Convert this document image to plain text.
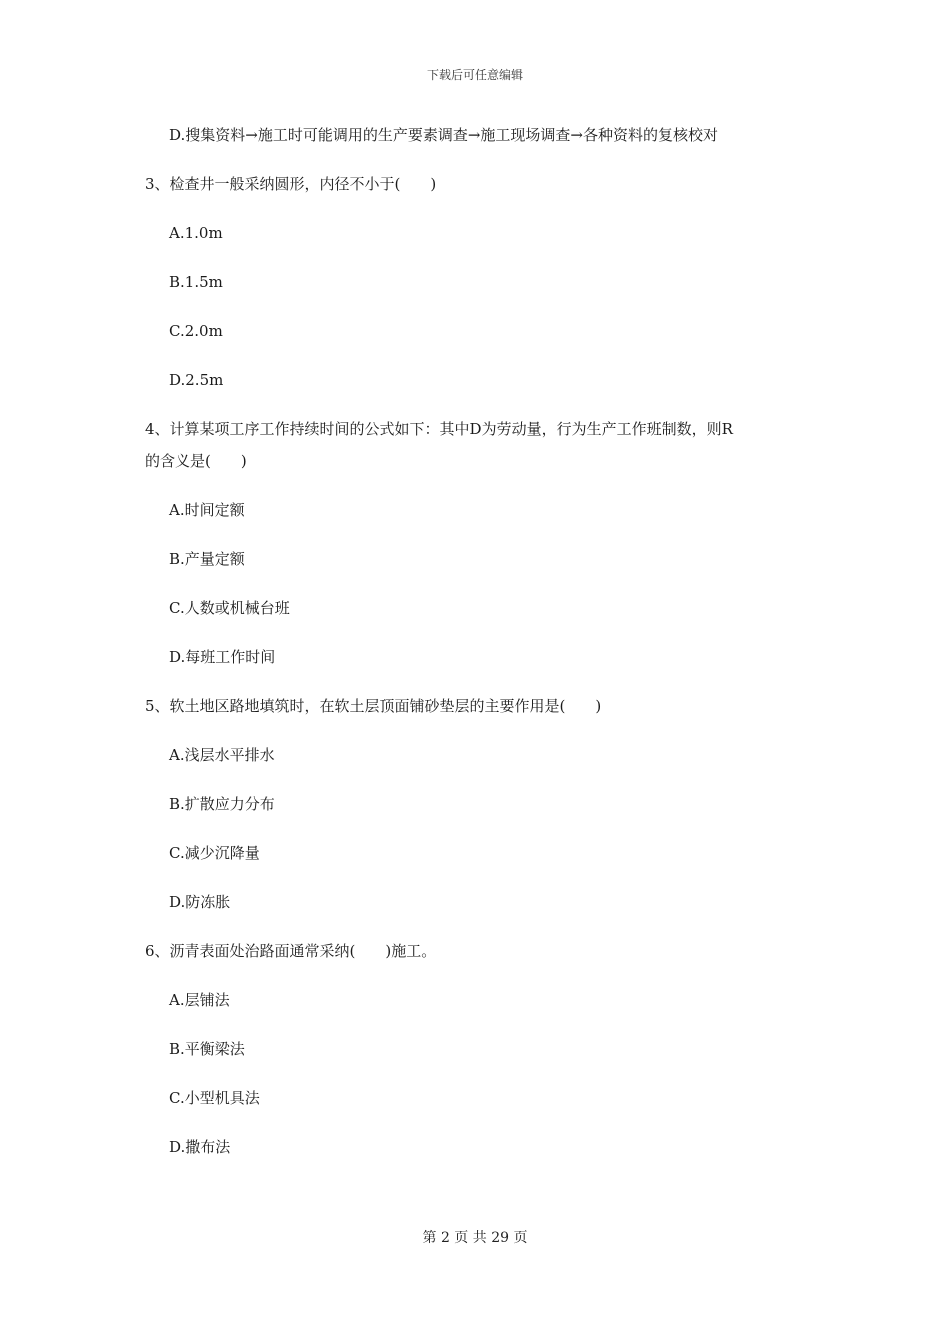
下载后可任意编辑
D.搜集资料→施工时可能调用的生产要素调查→施工现场调查→各种资料的复核校对
3、检查井一般采纳圆形，内径不小于(　　)
A.1.0m
B.1.5m
C.2.0m
D.2.5m
4、计算某项工序工作持续时间的公式如下：其中D为劳动量，行为生产工作班制数，则R
的含义是(　　)
A.时间定额
B.产量定额
C.人数或机械台班
D.每班工作时间
5、软土地区路地填筑时，在软土层顶面铺砂垫层的主要作用是(　　)
A.浅层水平排水
B.扩散应力分布
C.减少沉降量
D.防冻胀
6、沥青表面处治路面通常采纳(　　)施工。
A.层铺法
B.平衡梁法
C.小型机具法
D.撒布法
第 2 页 共 29 页
